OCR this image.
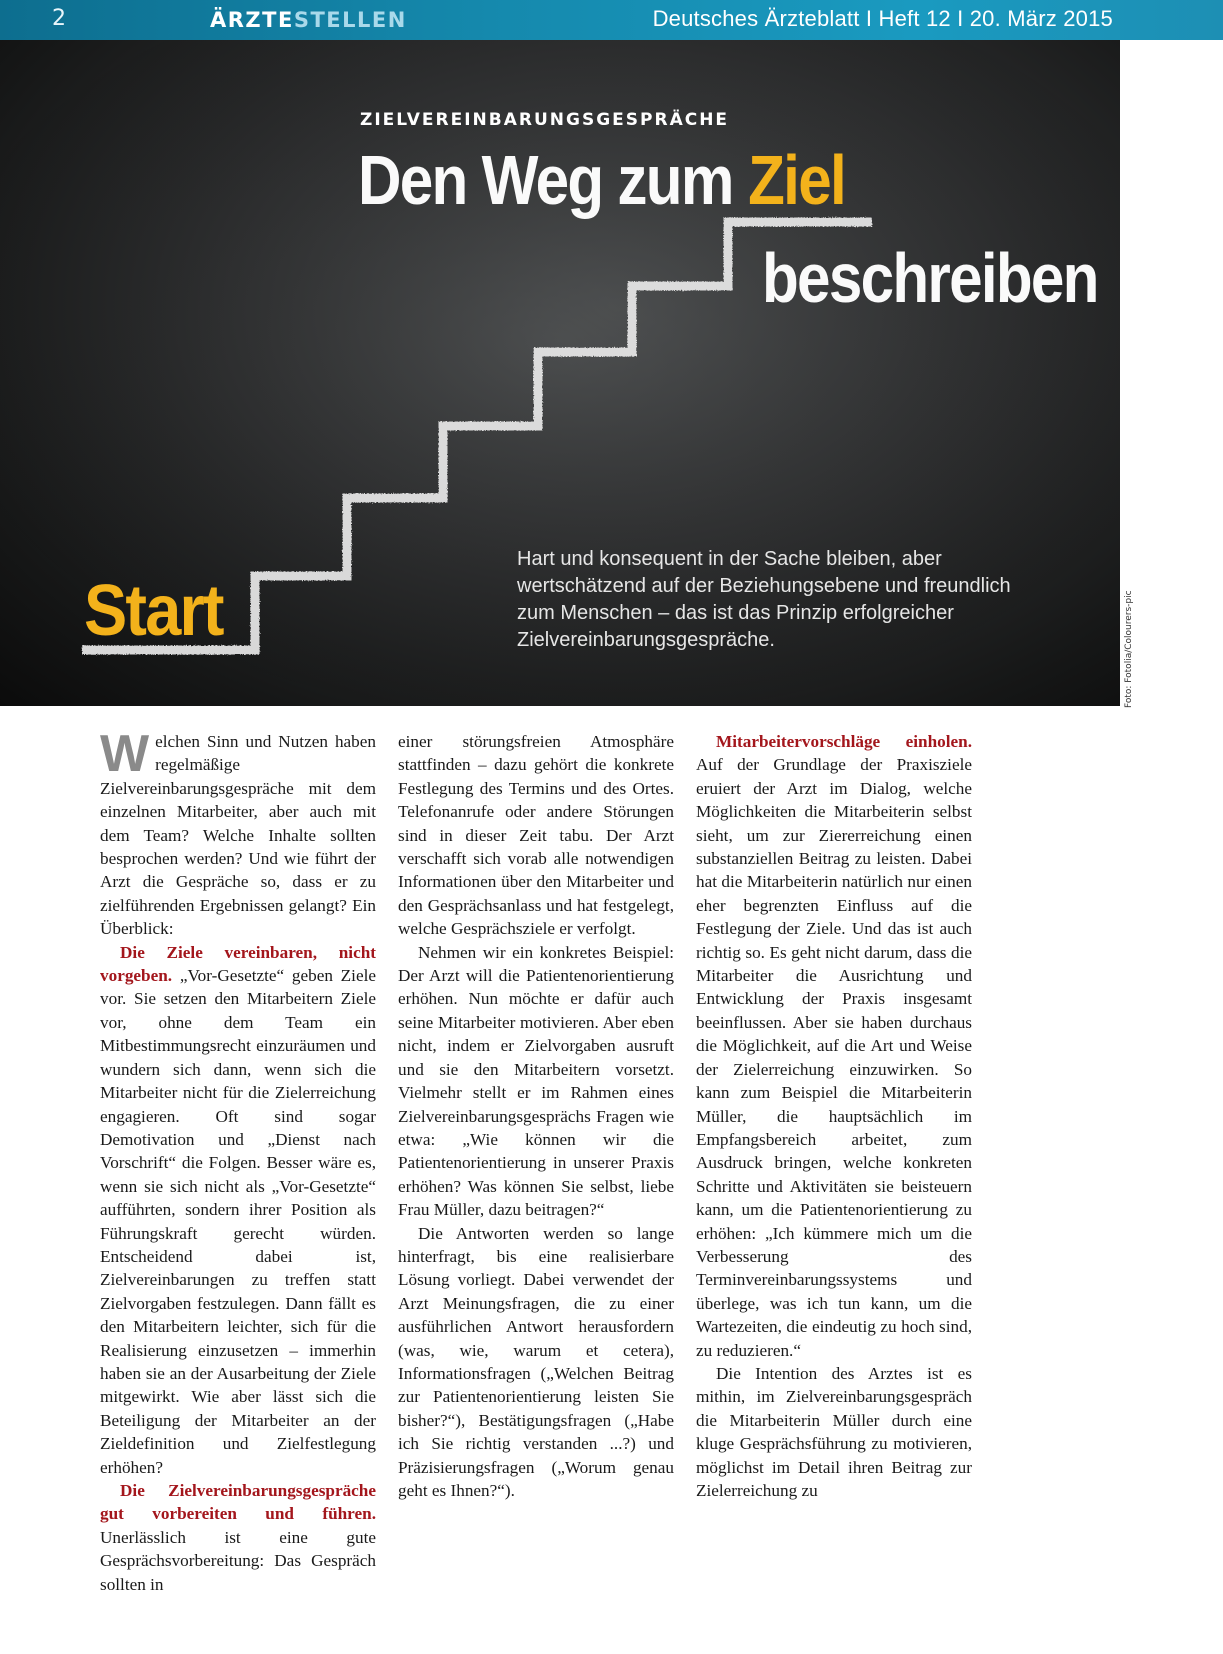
2	ÄRZTESTELLEN	Deutsches Ärzteblatt I Heft 12 I 20. März 2015
ZIELVEREINBARUNGSGESPRÄCHE
Den Weg zum Ziel
beschreiben
Start
Hart und konsequent in der Sache bleiben, aber wertschätzend auf der Beziehungsebene und freundlich zum Menschen – das ist das Prinzip erfolgreicher Zielvereinbarungsgespräche.	Foto: Fotolia/Colourers-pic

Welchen Sinn und Nutzen haben regelmäßige Zielvereinbarungsgespräche mit dem einzelnen Mitarbeiter, aber auch mit dem Team? Welche Inhalte sollten besprochen werden? Und wie führt der Arzt die Gespräche so, dass er zu zielführenden Ergebnissen gelangt? Ein Überblick:

Die Ziele vereinbaren, nicht vorgeben. „Vor-Gesetzte“ geben Ziele vor. Sie setzen den Mitarbeitern Ziele vor, ohne dem Team ein Mitbestimmungsrecht einzuräumen und wundern sich dann, wenn sich die Mitarbeiter nicht für die Zielerreichung engagieren. Oft sind sogar Demotivation und „Dienst nach Vorschrift“ die Folgen. Besser wäre es, wenn sie sich nicht als „Vor-Gesetzte“ aufführten, sondern ihrer Position als Führungskraft gerecht würden. Entscheidend dabei ist, Zielvereinbarungen zu treffen statt Zielvorgaben festzulegen. Dann fällt es den Mitarbeitern leichter, sich für die Realisierung einzusetzen – immerhin haben sie an der Ausarbeitung der Ziele mitgewirkt. Wie aber lässt sich die Beteiligung der Mitarbeiter an der Zieldefinition und Zielfestlegung erhöhen?

Die Zielvereinbarungsgespräche gut vorbereiten und führen. Unerlässlich ist eine gute Gesprächsvorbereitung: Das Gespräch sollten in

einer störungsfreien Atmosphäre stattfinden – dazu gehört die konkrete Festlegung des Termins und des Ortes. Telefonanrufe oder andere Störungen sind in dieser Zeit tabu. Der Arzt verschafft sich vorab alle notwendigen Informationen über den Mitarbeiter und den Gesprächsanlass und hat festgelegt, welche Gesprächsziele er verfolgt.

Nehmen wir ein konkretes Beispiel: Der Arzt will die Patientenorientierung erhöhen. Nun möchte er dafür auch seine Mitarbeiter motivieren. Aber eben nicht, indem er Zielvorgaben ausruft und sie den Mitarbeitern vorsetzt. Vielmehr stellt er im Rahmen eines Zielvereinbarungsgesprächs Fragen wie etwa: „Wie können wir die Patientenorientierung in unserer Praxis erhöhen? Was können Sie selbst, liebe Frau Müller, dazu beitragen?“

Die Antworten werden so lange hinterfragt, bis eine realisierbare Lösung vorliegt. Dabei verwendet der Arzt Meinungsfragen, die zu einer ausführlichen Antwort herausfordern (was, wie, warum et cetera), Informationsfragen („Welchen Beitrag zur Patientenorientierung leisten Sie bisher?“), Bestätigungsfragen („Habe ich Sie richtig verstanden ...?) und Präzisierungsfragen („Worum genau geht es Ihnen?“).

Mitarbeitervorschläge einholen. Auf der Grundlage der Praxisziele eruiert der Arzt im Dialog, welche Möglichkeiten die Mitarbeiterin selbst sieht, um zur Ziererreichung einen substanziellen Beitrag zu leisten. Dabei hat die Mitarbeiterin natürlich nur einen eher begrenzten Einfluss auf die Festlegung der Ziele. Und das ist auch richtig so. Es geht nicht darum, dass die Mitarbeiter die Ausrichtung und Entwicklung der Praxis insgesamt beeinflussen. Aber sie haben durchaus die Möglichkeit, auf die Art und Weise der Zielerreichung einzuwirken. So kann zum Beispiel die Mitarbeiterin Müller, die hauptsächlich im Empfangsbereich arbeitet, zum Ausdruck bringen, welche konkreten Schritte und Aktivitäten sie beisteuern kann, um die Patientenorientierung zu erhöhen: „Ich kümmere mich um die Verbesserung des Terminvereinbarungssystems und überlege, was ich tun kann, um die Wartezeiten, die eindeutig zu hoch sind, zu reduzieren.“

Die Intention des Arztes ist es mithin, im Zielvereinbarungsgespräch die Mitarbeiterin Müller durch eine kluge Gesprächsführung zu motivieren, möglichst im Detail ihren Beitrag zur Zielerreichung zu
